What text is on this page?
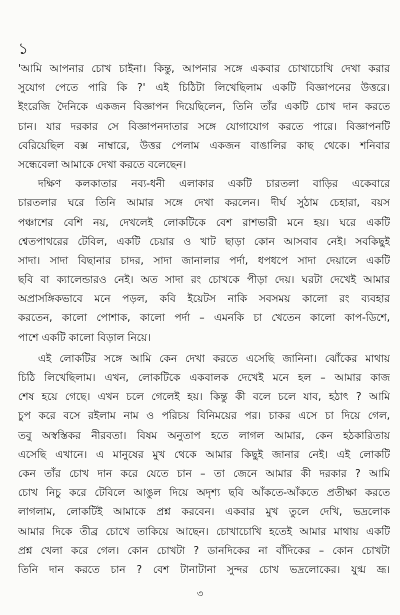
১
'আমি আপনার চোখ চাইনা। কিন্তু, আপনার সঙ্গে একবার চোখাচোখি দেখা করার
সুযোগ পেতে পারি কি ?' এই চিঠিটা লিখেছিলাম একটি বিজ্ঞাপনের উত্তরে।
ইংরেজি দৈনিকে একজন বিজ্ঞাপন দিয়েছিলেন, তিনি তাঁর একটি চোখ দান করতে
চান। যার দরকার সে বিজ্ঞাপনদাতার সঙ্গে যোগাযোগ করতে পারে। বিজ্ঞাপনটি
বেরিয়েছিল বক্স নাম্বারে, উত্তর পেলাম একজন বাঙালির কাছ থেকে। শনিবার
সন্ধেবেলা আমাকে দেখা করতে বলেছেন।
দক্ষিণ কলকাতার নব্য-ধনী এলাকার একটি চারতলা বাড়ির একেবারে
চারতলার ঘরে তিনি আমার সঙ্গে দেখা করলেন। দীর্ঘ সুঠাম চেহারা, বয়স
পঞ্চাশের বেশি নয়, দেখলেই লোকটিকে বেশ রাশভারী মনে হয়। ঘরে একটি
শ্বেতপাথরের টেবিল, একটি চেয়ার ও খাট ছাড়া কোন আসবাব নেই। সবকিছুই
সাদা। সাদা বিছানার চাদর, সাদা জানালার পর্দা, ধপধপে সাদা দেয়ালে একটি
ছবি বা ক্যালেন্ডারও নেই। অত সাদা রং চোখকে পীড়া দেয়। ঘরটা দেখেই আমার
অপ্রাসঙ্গিকভাবে মনে পড়ল, কবি ইয়েটস নাকি সবসময় কালো রং ব্যবহার
করতেন, কালো পোশাক, কালো পর্দা – এমনকি চা খেতেন কালো কাপ-ডিশে,
পাশে একটি কালো বিড়াল নিয়ে।
এই লোকটির সঙ্গে আমি কেন দেখা করতে এসেছি জানিনা। ঝোঁকের মাথায়
চিঠি লিখেছিলাম। এখন, লোকটিকে একবালক দেখেই মনে হল – আমার কাজ
শেষ হয়ে গেছে। এখন চলে গেলেই হয়। কিন্তু কী বলে চলে যাব, হঠাৎ ? আমি
চুপ করে বসে রইলাম নাম ও পরিচয় বিনিময়ের পর। চাকর এসে চা দিয়ে গেল,
তবু অস্বস্তিকর নীরবতা। বিষম অনুতাপ হতে লাগল আমার, কেন হঠকারিতায়
এসেছি এখানে। এ মানুষের মুখ থেকে আমার কিছুই জানার নেই। এই লোকটি
কেন তাঁর চোখ দান করে যেতে চান – তা জেনে আমার কী দরকার ? আমি
চোখ নিচু করে টেবিলে আঙুল দিয়ে অদৃশ্য ছবি আঁকতে-আঁকতে প্রতীক্ষা করতে
লাগলাম, লোকটিই আমাকে প্রশ্ন করবেন। একবার মুখ তুলে দেখি, ভদ্রলোক
আমার দিকে তীব্র চোখে তাকিয়ে আছেন। চোখাচোখি হতেই আমার মাথায় একটি
প্রশ্ন খেলা করে গেল। কোন চোখটা ? ডানদিকের না বাঁদিকের – কোন চোখটা
তিনি দান করতে চান ? বেশ টানাটানা সুন্দর চোখ ভদ্রলোকের। যুগ্ম ভ্রূ।
৩
